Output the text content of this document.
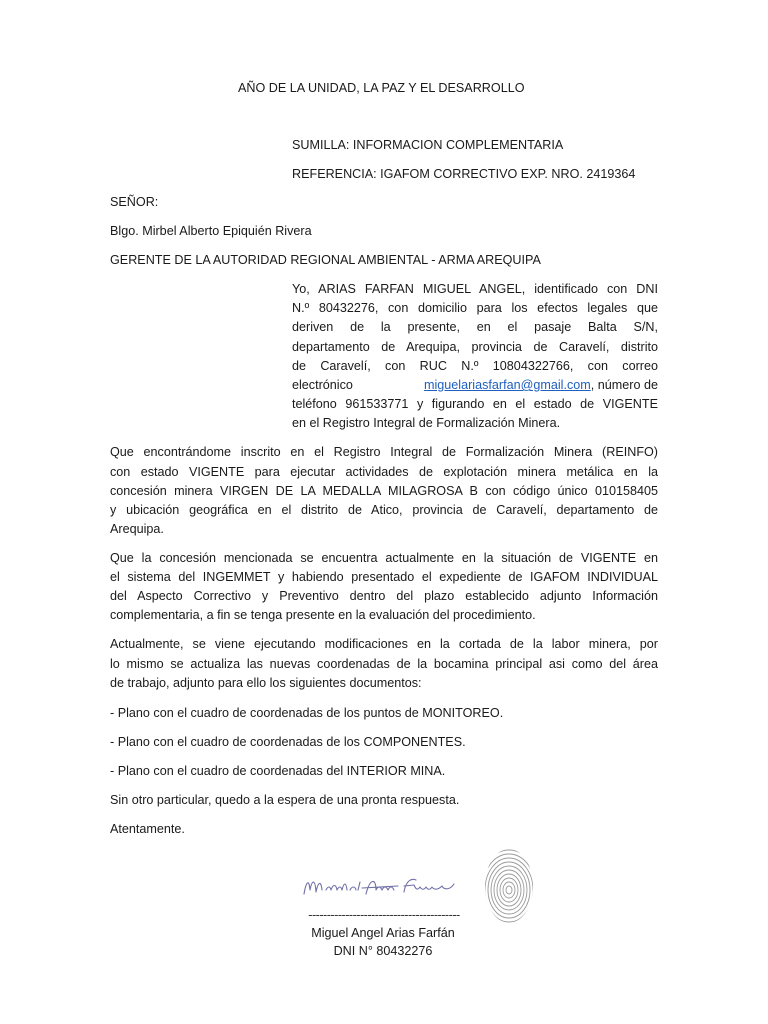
AÑO DE LA UNIDAD, LA PAZ Y EL DESARROLLO
SUMILLA: INFORMACION COMPLEMENTARIA
REFERENCIA: IGAFOM CORRECTIVO EXP. NRO. 2419364
SEÑOR:
Blgo. Mirbel Alberto Epiquién Rivera
GERENTE DE LA AUTORIDAD REGIONAL AMBIENTAL - ARMA AREQUIPA
Yo, ARIAS FARFAN MIGUEL ANGEL, identificado con DNI
N.º 80432276, con domicilio para los efectos legales que
deriven de la presente, en el pasaje Balta S/N,
departamento de Arequipa, provincia de Caravelí, distrito
de Caravelí, con RUC N.º 10804322766, con correo
electrónico	miguelariasfarfan@gmail.com, número de
teléfono 961533771 y figurando en el estado de VIGENTE
en el Registro Integral de Formalización Minera.
Que encontrándome inscrito en el Registro Integral de Formalización Minera (REINFO)
con estado VIGENTE para ejecutar actividades de explotación minera metálica en la
concesión minera VIRGEN DE LA MEDALLA MILAGROSA B con código único 010158405
y ubicación geográfica en el distrito de Atico, provincia de Caravelí, departamento de
Arequipa.
Que la concesión mencionada se encuentra actualmente en la situación de VIGENTE en
el sistema del INGEMMET y habiendo presentado el expediente de IGAFOM INDIVIDUAL
del Aspecto Correctivo y Preventivo dentro del plazo establecido adjunto Información
complementaria, a fin se tenga presente en la evaluación del procedimiento.
Actualmente, se viene ejecutando modificaciones en la cortada de la labor minera, por
lo mismo se actualiza las nuevas coordenadas de la bocamina principal asi como del área
de trabajo, adjunto para ello los siguientes documentos:
- Plano con el cuadro de coordenadas de los puntos de MONITOREO.
- Plano con el cuadro de coordenadas de los COMPONENTES.
- Plano con el cuadro de coordenadas del INTERIOR MINA.
Sin otro particular, quedo a la espera de una pronta respuesta.
Atentamente.
-----------------------------------------
Miguel Angel Arias Farfán
DNI N° 80432276
